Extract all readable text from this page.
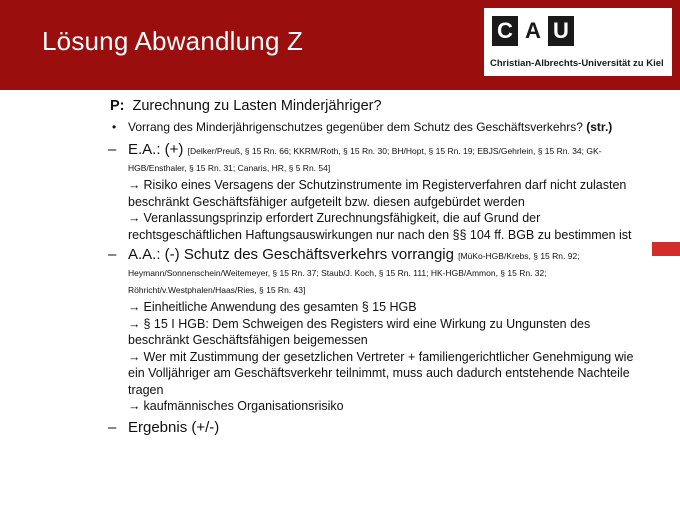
Lösung Abwandlung Z	C A U
Christian-Albrechts-Universität zu Kiel
P: Zurechnung zu Lasten Minderjähriger?
• Vorrang des Minderjährigenschutzes gegenüber dem Schutz des Geschäftsverkehrs? (str.)
– E.A.: (+) [Delker/Preuß, § 15 Rn. 66; KKRM/Roth, § 15 Rn. 30; BH/Hopt, § 15 Rn. 19; EBJS/Gehrlein, § 15 Rn. 34; GK-HGB/Ensthaler, § 15 Rn. 31; Canaris, HR, § 5 Rn. 54]
→ Risiko eines Versagens der Schutzinstrumente im Registerverfahren darf nicht zulasten beschränkt Geschäftsfähiger aufgeteilt bzw. diesen aufgebürdet werden
→ Veranlassungsprinzip erfordert Zurechnungsfähigkeit, die auf Grund der rechtsgeschäftlichen Haftungsauswirkungen nur nach den §§ 104 ff. BGB zu bestimmen ist
– A.A.: (-) Schutz des Geschäftsverkehrs vorrangig [MüKo-HGB/Krebs, § 15 Rn. 92; Heymann/Sonnenschein/Weitemeyer, § 15 Rn. 37; Staub/J. Koch, § 15 Rn. 111; HK-HGB/Ammon, § 15 Rn. 32; Röhricht/v.Westphalen/Haas/Ries, § 15 Rn. 43]
→ Einheitliche Anwendung des gesamten § 15 HGB
→ § 15 I HGB: Dem Schweigen des Registers wird eine Wirkung zu Ungunsten des beschränkt Geschäftsfähigen beigemessen
→ Wer mit Zustimmung der gesetzlichen Vertreter + familiengerichtlicher Genehmigung wie ein Volljähriger am Geschäftsverkehr teilnimmt, muss auch dadurch entstehende Nachteile tragen
→ kaufmännisches Organisationsrisiko
– Ergebnis (+/-)
